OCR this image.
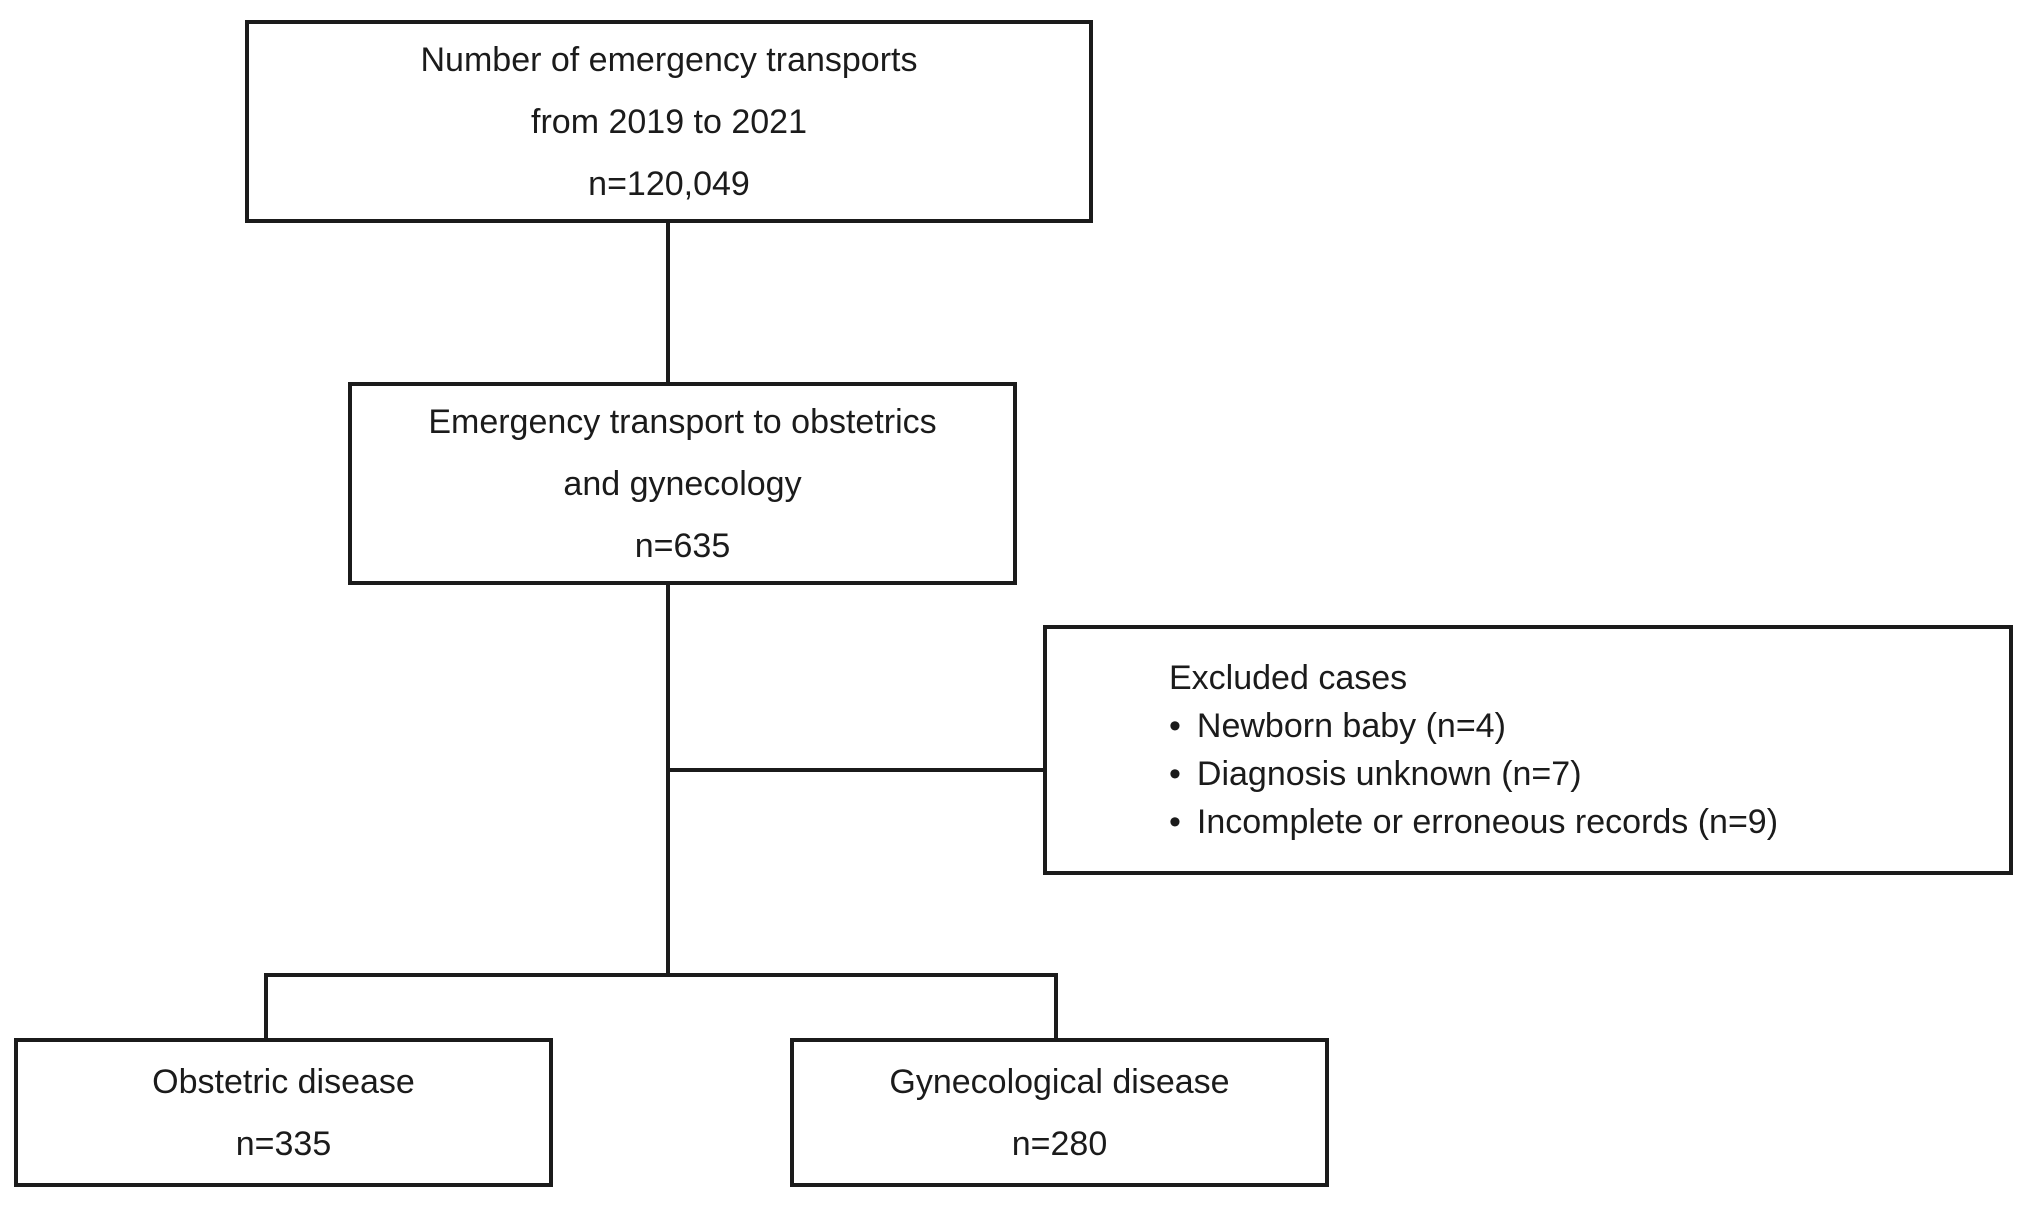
Number of emergency transports
from 2019 to 2021
n=120,049
Emergency transport to obstetrics
and gynecology
n=635
Excluded cases
• Newborn baby (n=4)
• Diagnosis unknown (n=7)
• Incomplete or erroneous records (n=9)
Obstetric disease
n=335
Gynecological disease
n=280
